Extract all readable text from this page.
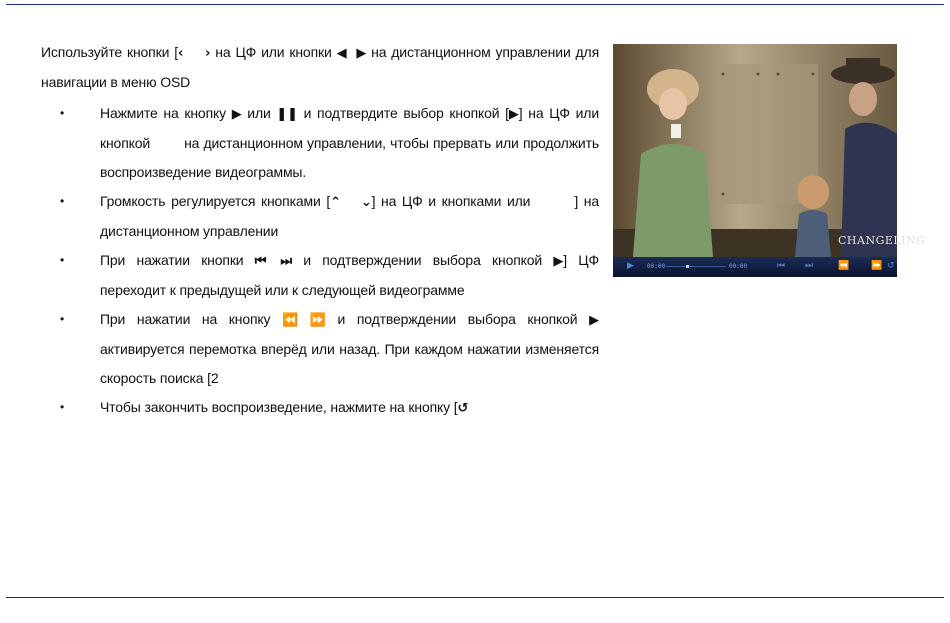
Используйте кнопки [‹ › на ЦФ или кнопки ◀ ▶ на дистанционном управлении для навигации в меню OSD

•	Нажмите на кнопку ▶ или ❚❚ и подтвердите выбор кнопкой [▶] на ЦФ или кнопкой на дистанционном управлении, чтобы прервать или продолжить воспроизведение видеограммы.
•	Громкость регулируется кнопками [⌃ ⌄] на ЦФ и кнопками или	] на дистанционном управлении
•	При нажатии кнопки ⏮ ⏭ и подтверждении выбора кнопкой ▶] ЦФ переходит к предыдущей или к следующей видеограмме
•	При нажатии на кнопку ⏪ ⏩ и подтверждении выбора кнопкой ▶ активируется перемотка вперёд или назад. При каждом нажатии изменяется скорость поиска [2
•	Чтобы закончить воспроизведение, нажмите на кнопку [↺
CHANGELING
▶ 00:00	00:00	⏮ ⏭	⏪ ⏩ ↺
